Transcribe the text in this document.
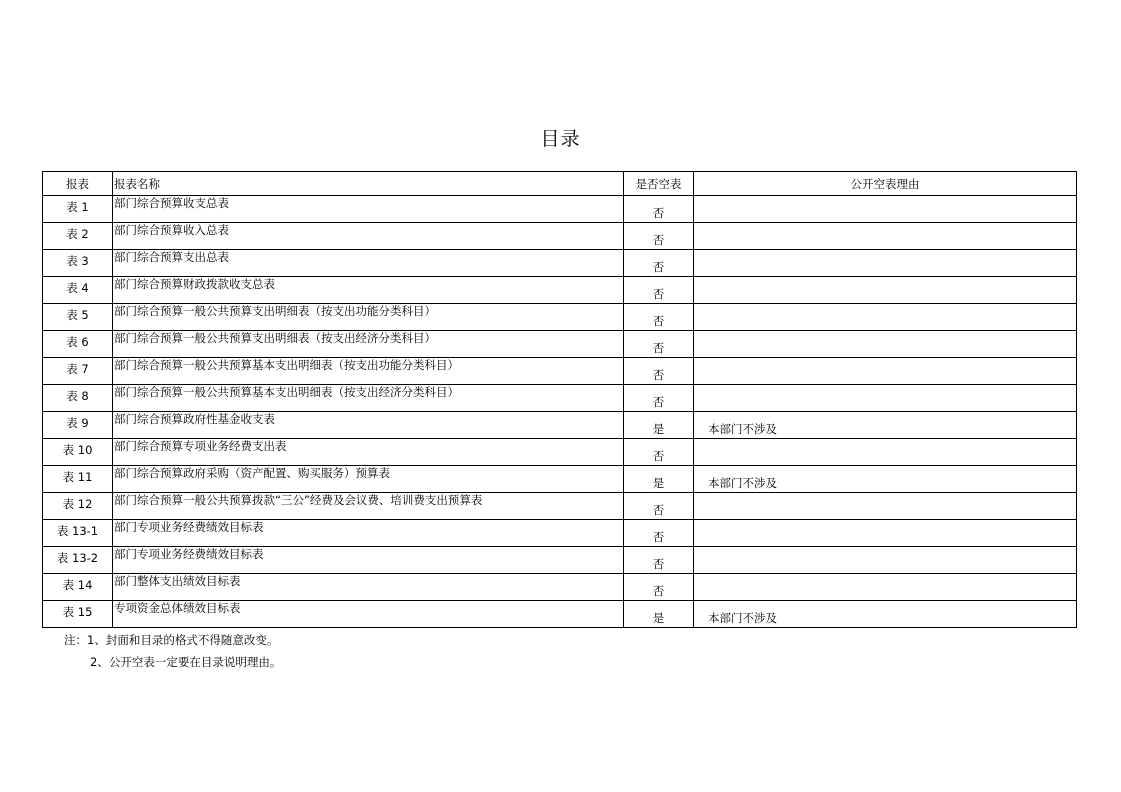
目录
报表	报表名称	是否空表	公开空表理由
表 1	部门综合预算收支总表	否	
表 2	部门综合预算收入总表	否	
表 3	部门综合预算支出总表	否	
表 4	部门综合预算财政拨款收支总表	否	
表 5	部门综合预算一般公共预算支出明细表（按支出功能分类科目）	否	
表 6	部门综合预算一般公共预算支出明细表（按支出经济分类科目）	否	
表 7	部门综合预算一般公共预算基本支出明细表（按支出功能分类科目）	否	
表 8	部门综合预算一般公共预算基本支出明细表（按支出经济分类科目）	否	
表 9	部门综合预算政府性基金收支表	是	本部门不涉及
表 10	部门综合预算专项业务经费支出表	否	
表 11	部门综合预算政府采购（资产配置、购买服务）预算表	是	本部门不涉及
表 12	部门综合预算一般公共预算拨款“三公”经费及会议费、培训费支出预算表	否	
表 13-1	部门专项业务经费绩效目标表	否	
表 13-2	部门专项业务经费绩效目标表	否	
表 14	部门整体支出绩效目标表	否	
表 15	专项资金总体绩效目标表	是	本部门不涉及
注：1、封面和目录的格式不得随意改变。
2、公开空表一定要在目录说明理由。
